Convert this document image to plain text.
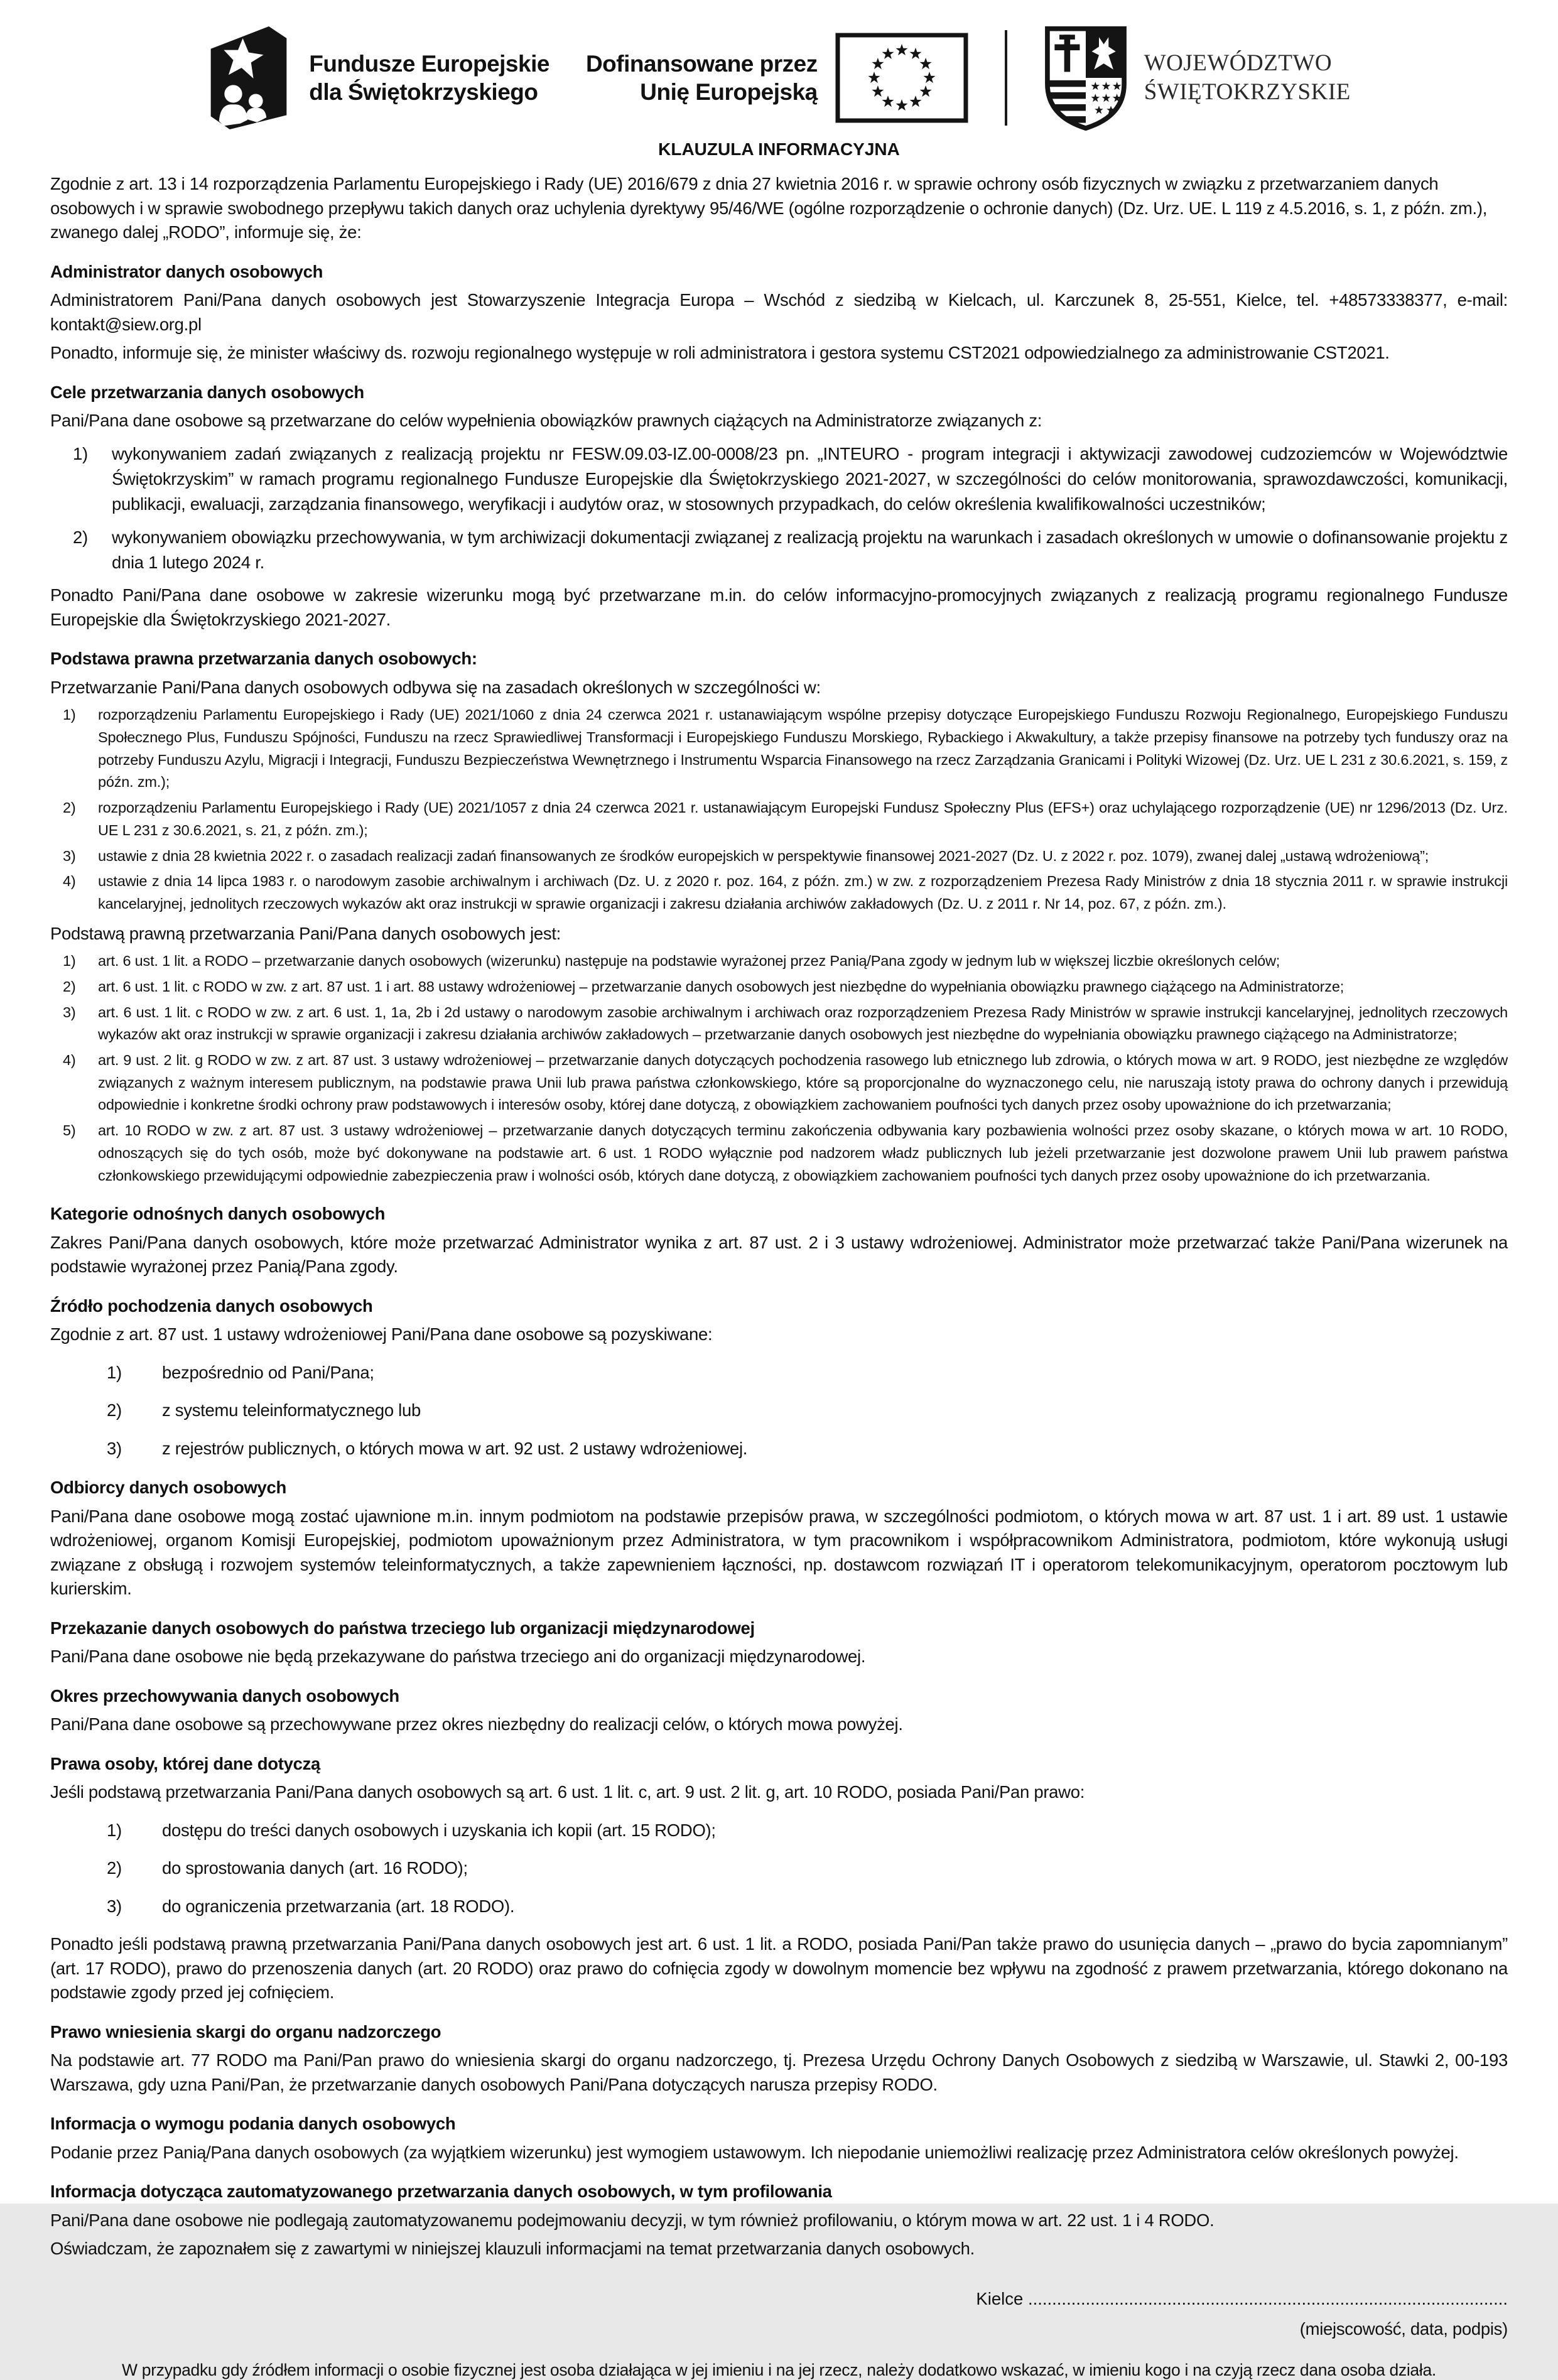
Fundusze Europejskie
dla Świętokrzyskiego
Dofinansowane przez
Unię Europejską
WOJEWÓDZTWO
ŚWIĘTOKRZYSKIE
KLAUZULA INFORMACYJNA
Zgodnie z art. 13 i 14 rozporządzenia Parlamentu Europejskiego i Rady (UE) 2016/679 z dnia 27 kwietnia 2016 r. w sprawie ochrony osób fizycznych w związku z przetwarzaniem danych osobowych i w sprawie swobodnego przepływu takich danych oraz uchylenia dyrektywy 95/46/WE (ogólne rozporządzenie o ochronie danych) (Dz. Urz. UE. L 119 z 4.5.2016, s. 1, z późn. zm.), zwanego dalej „RODO”, informuje się, że:
Administrator danych osobowych
Administratorem Pani/Pana danych osobowych jest Stowarzyszenie Integracja Europa – Wschód z siedzibą w Kielcach, ul. Karczunek 8, 25-551, Kielce, tel. +48573338377, e-mail: kontakt@siew.org.pl
Ponadto, informuje się, że minister właściwy ds. rozwoju regionalnego występuje w roli administratora i gestora systemu CST2021 odpowiedzialnego za administrowanie CST2021.
Cele przetwarzania danych osobowych
Pani/Pana dane osobowe są przetwarzane do celów wypełnienia obowiązków prawnych ciążących na Administratorze związanych z:
1)	wykonywaniem zadań związanych z realizacją projektu nr FESW.09.03-IZ.00-0008/23 pn. „INTEURO - program integracji i aktywizacji zawodowej cudzoziemców w Województwie Świętokrzyskim” w ramach programu regionalnego Fundusze Europejskie dla Świętokrzyskiego 2021-2027, w szczególności do celów monitorowania, sprawozdawczości, komunikacji, publikacji, ewaluacji, zarządzania finansowego, weryfikacji i audytów oraz, w stosownych przypadkach, do celów określenia kwalifikowalności uczestników;
2)	wykonywaniem obowiązku przechowywania, w tym archiwizacji dokumentacji związanej z realizacją projektu na warunkach i zasadach określonych w umowie o dofinansowanie projektu z dnia 1 lutego 2024 r.
Ponadto Pani/Pana dane osobowe w zakresie wizerunku mogą być przetwarzane m.in. do celów informacyjno-promocyjnych związanych z realizacją programu regionalnego Fundusze Europejskie dla Świętokrzyskiego 2021-2027.
Podstawa prawna przetwarzania danych osobowych:
Przetwarzanie Pani/Pana danych osobowych odbywa się na zasadach określonych w szczególności w:
1)	rozporządzeniu Parlamentu Europejskiego i Rady (UE) 2021/1060 z dnia 24 czerwca 2021 r. ustanawiającym wspólne przepisy dotyczące Europejskiego Funduszu Rozwoju Regionalnego, Europejskiego Funduszu Społecznego Plus, Funduszu Spójności, Funduszu na rzecz Sprawiedliwej Transformacji i Europejskiego Funduszu Morskiego, Rybackiego i Akwakultury, a także przepisy finansowe na potrzeby tych funduszy oraz na potrzeby Funduszu Azylu, Migracji i Integracji, Funduszu Bezpieczeństwa Wewnętrznego i Instrumentu Wsparcia Finansowego na rzecz Zarządzania Granicami i Polityki Wizowej (Dz. Urz. UE L 231 z 30.6.2021, s. 159, z późn. zm.);
2)	rozporządzeniu Parlamentu Europejskiego i Rady (UE) 2021/1057 z dnia 24 czerwca 2021 r. ustanawiającym Europejski Fundusz Społeczny Plus (EFS+) oraz uchylającego rozporządzenie (UE) nr 1296/2013 (Dz. Urz. UE L 231 z 30.6.2021, s. 21, z późn. zm.);
3)	ustawie z dnia 28 kwietnia 2022 r. o zasadach realizacji zadań finansowanych ze środków europejskich w perspektywie finansowej 2021-2027 (Dz. U. z 2022 r. poz. 1079), zwanej dalej „ustawą wdrożeniową”;
4)	ustawie z dnia 14 lipca 1983 r. o narodowym zasobie archiwalnym i archiwach (Dz. U. z 2020 r. poz. 164, z późn. zm.) w zw. z rozporządzeniem Prezesa Rady Ministrów z dnia 18 stycznia 2011 r. w sprawie instrukcji kancelaryjnej, jednolitych rzeczowych wykazów akt oraz instrukcji w sprawie organizacji i zakresu działania archiwów zakładowych (Dz. U. z 2011 r. Nr 14, poz. 67, z późn. zm.).
Podstawą prawną przetwarzania Pani/Pana danych osobowych jest:
1)	art. 6 ust. 1 lit. a RODO – przetwarzanie danych osobowych (wizerunku) następuje na podstawie wyrażonej przez Panią/Pana zgody w jednym lub w większej liczbie określonych celów;
2)	art. 6 ust. 1 lit. c RODO w zw. z art. 87 ust. 1 i art. 88 ustawy wdrożeniowej – przetwarzanie danych osobowych jest niezbędne do wypełniania obowiązku prawnego ciążącego na Administratorze;
3)	art. 6 ust. 1 lit. c RODO w zw. z art. 6 ust. 1, 1a, 2b i 2d ustawy o narodowym zasobie archiwalnym i archiwach oraz rozporządzeniem Prezesa Rady Ministrów w sprawie instrukcji kancelaryjnej, jednolitych rzeczowych wykazów akt oraz instrukcji w sprawie organizacji i zakresu działania archiwów zakładowych – przetwarzanie danych osobowych jest niezbędne do wypełniania obowiązku prawnego ciążącego na Administratorze;
4)	art. 9 ust. 2 lit. g RODO w zw. z art. 87 ust. 3 ustawy wdrożeniowej – przetwarzanie danych dotyczących pochodzenia rasowego lub etnicznego lub zdrowia, o których mowa w art. 9 RODO, jest niezbędne ze względów związanych z ważnym interesem publicznym, na podstawie prawa Unii lub prawa państwa członkowskiego, które są proporcjonalne do wyznaczonego celu, nie naruszają istoty prawa do ochrony danych i przewidują odpowiednie i konkretne środki ochrony praw podstawowych i interesów osoby, której dane dotyczą, z obowiązkiem zachowaniem poufności tych danych przez osoby upoważnione do ich przetwarzania;
5)	art. 10 RODO w zw. z art. 87 ust. 3 ustawy wdrożeniowej – przetwarzanie danych dotyczących terminu zakończenia odbywania kary pozbawienia wolności przez osoby skazane, o których mowa w art. 10 RODO, odnoszących się do tych osób, może być dokonywane na podstawie art. 6 ust. 1 RODO wyłącznie pod nadzorem władz publicznych lub jeżeli przetwarzanie jest dozwolone prawem Unii lub prawem państwa członkowskiego przewidującymi odpowiednie zabezpieczenia praw i wolności osób, których dane dotyczą, z obowiązkiem zachowaniem poufności tych danych przez osoby upoważnione do ich przetwarzania.
Kategorie odnośnych danych osobowych
Zakres Pani/Pana danych osobowych, które może przetwarzać Administrator wynika z art. 87 ust. 2 i 3 ustawy wdrożeniowej. Administrator może przetwarzać także Pani/Pana wizerunek na podstawie wyrażonej przez Panią/Pana zgody.
Źródło pochodzenia danych osobowych
Zgodnie z art. 87 ust. 1 ustawy wdrożeniowej Pani/Pana dane osobowe są pozyskiwane:
1)	bezpośrednio od Pani/Pana;
2)	z systemu teleinformatycznego lub
3)	z rejestrów publicznych, o których mowa w art. 92 ust. 2 ustawy wdrożeniowej.
Odbiorcy danych osobowych
Pani/Pana dane osobowe mogą zostać ujawnione m.in. innym podmiotom na podstawie przepisów prawa, w szczególności podmiotom, o których mowa w art. 87 ust. 1 i art. 89 ust. 1 ustawie wdrożeniowej, organom Komisji Europejskiej, podmiotom upoważnionym przez Administratora, w tym pracownikom i współpracownikom Administratora, podmiotom, które wykonują usługi związane z obsługą i rozwojem systemów teleinformatycznych, a także zapewnieniem łączności, np. dostawcom rozwiązań IT i operatorom telekomunikacyjnym, operatorom pocztowym lub kurierskim.
Przekazanie danych osobowych do państwa trzeciego lub organizacji międzynarodowej
Pani/Pana dane osobowe nie będą przekazywane do państwa trzeciego ani do organizacji międzynarodowej.
Okres przechowywania danych osobowych
Pani/Pana dane osobowe są przechowywane przez okres niezbędny do realizacji celów, o których mowa powyżej.
Prawa osoby, której dane dotyczą
Jeśli podstawą przetwarzania Pani/Pana danych osobowych są art. 6 ust. 1 lit. c, art. 9 ust. 2 lit. g, art. 10 RODO, posiada Pani/Pan prawo:
1)	dostępu do treści danych osobowych i uzyskania ich kopii (art. 15 RODO);
2)	do sprostowania danych (art. 16 RODO);
3)	do ograniczenia przetwarzania (art. 18 RODO).
Ponadto jeśli podstawą prawną przetwarzania Pani/Pana danych osobowych jest art. 6 ust. 1 lit. a RODO, posiada Pani/Pan także prawo do usunięcia danych – „prawo do bycia zapomnianym” (art. 17 RODO), prawo do przenoszenia danych (art. 20 RODO) oraz prawo do cofnięcia zgody w dowolnym momencie bez wpływu na zgodność z prawem przetwarzania, którego dokonano na podstawie zgody przed jej cofnięciem.
Prawo wniesienia skargi do organu nadzorczego
Na podstawie art. 77 RODO ma Pani/Pan prawo do wniesienia skargi do organu nadzorczego, tj. Prezesa Urzędu Ochrony Danych Osobowych z siedzibą w Warszawie, ul. Stawki 2, 00-193 Warszawa, gdy uzna Pani/Pan, że przetwarzanie danych osobowych Pani/Pana dotyczących narusza przepisy RODO.
Informacja o wymogu podania danych osobowych
Podanie przez Panią/Pana danych osobowych (za wyjątkiem wizerunku) jest wymogiem ustawowym. Ich niepodanie uniemożliwi realizację przez Administratora celów określonych powyżej.
Informacja dotycząca zautomatyzowanego przetwarzania danych osobowych, w tym profilowania
Pani/Pana dane osobowe nie podlegają zautomatyzowanemu podejmowaniu decyzji, w tym również profilowaniu, o którym mowa w art. 22 ust. 1 i 4 RODO.
Oświadczam, że zapoznałem się z zawartymi w niniejszej klauzuli informacjami na temat przetwarzania danych osobowych.
Kielce ....................................................................................................
(miejscowość, data, podpis)
W przypadku gdy źródłem informacji o osobie fizycznej jest osoba działająca w jej imieniu i na jej rzecz, należy dodatkowo wskazać, w imieniu kogo i na czyją rzecz dana osoba działa.
